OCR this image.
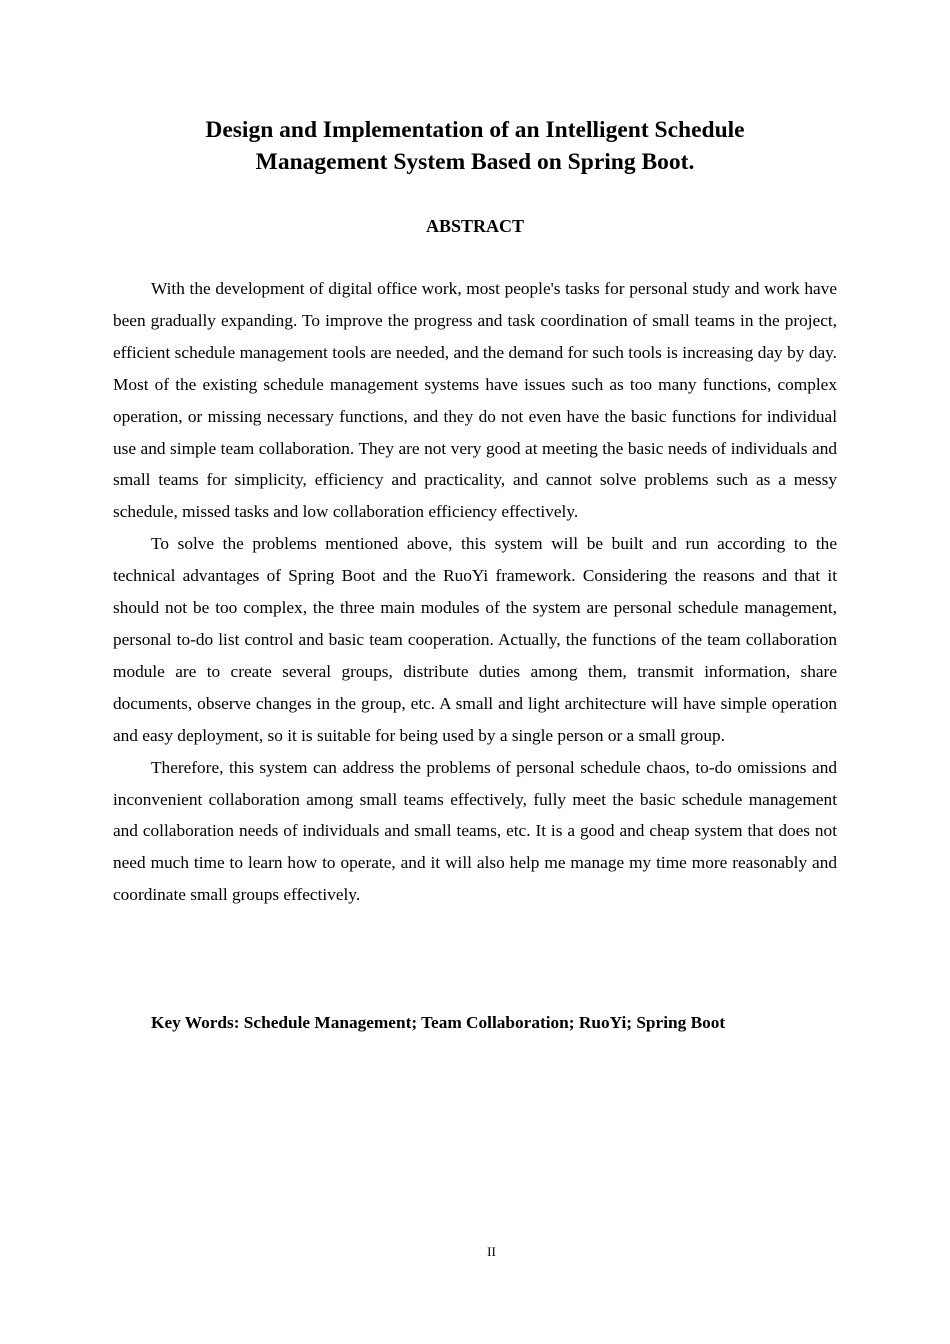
Design and Implementation of an Intelligent Schedule
Management System Based on Spring Boot.
ABSTRACT

With the development of digital office work, most people's tasks for personal study and work have been gradually expanding. To improve the progress and task coordination of small teams in the project, efficient schedule management tools are needed, and the demand for such tools is increasing day by day. Most of the existing schedule management systems have issues such as too many functions, complex operation, or missing necessary functions, and they do not even have the basic functions for individual use and simple team collaboration. They are not very good at meeting the basic needs of individuals and small teams for simplicity, efficiency and practicality, and cannot solve problems such as a messy schedule, missed tasks and low collaboration efficiency effectively.

To solve the problems mentioned above, this system will be built and run according to the technical advantages of Spring Boot and the RuoYi framework. Considering the reasons and that it should not be too complex, the three main modules of the system are personal schedule management, personal to-do list control and basic team cooperation. Actually, the functions of the team collaboration module are to create several groups, distribute duties among them, transmit information, share documents, observe changes in the group, etc. A small and light architecture will have simple operation and easy deployment, so it is suitable for being used by a single person or a small group.

Therefore, this system can address the problems of personal schedule chaos, to-do omissions and inconvenient collaboration among small teams effectively, fully meet the basic schedule management and collaboration needs of individuals and small teams, etc. It is a good and cheap system that does not need much time to learn how to operate, and it will also help me manage my time more reasonably and coordinate small groups effectively.

Key Words: Schedule Management; Team Collaboration; RuoYi; Spring Boot

II
